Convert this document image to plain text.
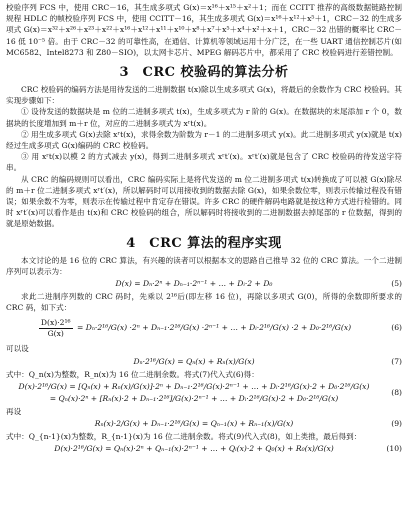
校验序列 FCS 中，使用 CRC－16，其生成多项式 G(x)＝x¹⁶＋x¹⁵＋x²＋1；而在 CCITT 推荐的高级数据链路控制规程 HDLC 的帧校验序列 FCS 中，使用 CCITT－16，其生成多项式 G(x)＝x¹⁶＋x¹²＋x⁵＋1，CRC－32 的生成多项式 G(x)＝x³²＋x²⁶＋x²³＋x²²＋x¹⁶＋x¹²＋x¹¹＋x¹⁰＋x⁸＋x⁷＋x⁵＋x⁴＋x²＋x＋1，CRC－32 出错的概率比 CRC－16 低 10⁻⁵ 倍。由于 CRC－32 的可靠性高，在通信、计算机等领域运用十分广泛，在一些 UART 通信控制芯片(如 MC6582、Intel8273 和 Z80－SIO)，以太网卡芯片、MPEG 解码芯片中，都采用了 CRC 校验码进行差错控制。

3　CRC 校验码的算法分析

CRC 校验码的编码方法是用待发送的二进制数据 t(x)除以生成多项式 G(x)，将最后的余数作为 CRC 校验码。其实现步骤如下：

① 设待发送的数据块是 m 位的二进制多项式 t(x)，生成多项式为 r 阶的 G(x)。在数据块的末尾添加 r 个 0，数据块的长度增加到 m＋r 位，对应的二进制多项式为 xʳt(x)。

② 用生成多项式 G(x)去除 xʳt(x)，求得余数为阶数为 r－1 的二进制多项式 y(x)。此二进制多项式 y(x)就是 t(x)经过生成多项式 G(x)编码的 CRC 校验码。

③ 用 xʳt(x)以模 2 的方式减去 y(x)，得到二进制多项式 xʳt′(x)。xʳt′(x)就是包含了 CRC 校验码的待发送字符串。

从 CRC 的编码规则可以看出，CRC 编码实际上是将代发送的 m 位二进制多项式 t(x)转换成了可以被 G(x)除尽的 m＋r 位二进制多项式 xʳt′(x)，所以解码时可以用接收到的数据去除 G(x)，如果余数位零，则表示传输过程没有错误；如果余数不为零，则表示在传输过程中肯定存在错误。许多 CRC 的硬件解码电路就是按这种方式进行检错的。同时 xʳt′(x)可以看作是由 t(x)和 CRC 校验码的组合，所以解码时将接收到的二进制数据去掉尾部的 r 位数据，得到的就是原始数据。

4　CRC 算法的程序实现

本文讨论的是 16 位的 CRC 算法，有兴趣的读者可以根据本文的思路自己推导 32 位的 CRC 算法。一个二进制序列可以表示为：

D(x) = Dₙ·2ⁿ + Dₙ₋₁·2ⁿ⁻¹ + … + Dᵢ·2 + D₀	(5)

求此二进制序列数的 CRC 码时，先乘以 2¹⁶后(即左移 16 位)，再除以多项式 G(0)，所得的余数即所要求的 CRC 码，如下式：

$\frac{\text{D(x)·2¹⁶}}{G(x)} = D_n\cdot 2^{16}/G(x) \cdot 2^n + D_{n-1}\cdot 2^{16}/G(x) \cdot 2^{n-1}$ + … + Dᵢ·2¹⁶/G(x) ·2 + D₀·2¹⁶/G(x)	(6)

可以设

Dₙ·2¹⁶/G(x) = Qₙ(x) + Rₙ(x)/G(x)	(7)

式中：Q_n(x)为整数，R_n(x)为 16 位二进制余数。将式(7)代入式(6)得：

D(x)·2¹⁶/G(x) = [Qₙ(x) + Rₙ(x)/G(x)]·2ⁿ + Dₙ₋₁·2¹⁶/G(x)·2ⁿ⁻¹ + … + Dᵢ·2¹⁶/G(x)·2 + D₀·2¹⁶/G(x)
= Qₙ(x)·2ⁿ + [Rₙ(x)·2 + Dₙ₋₁·2¹⁶]/G(x)·2ⁿ⁻¹ + … + Dᵢ·2¹⁶/G(x)·2 + D₀·2¹⁶/G(x)
(8)

再设

Rₙ(x)·2/G(x) + Dₙ₋₁·2¹⁶/G(x) = Qₙ₋₁(x) + Rₙ₋₁(x)/G(x)	(9)

式中：Q_{n-1}(x)为整数，R_{n-1}(x)为 16 位二进制余数。将式(9)代入式(8)，如上类推，最后得到：

D(x)·2¹⁶/G(x) = Qₙ(x)·2ⁿ + Qₙ₋₁(x)·2ⁿ⁻¹ + … + Qᵢ(x)·2 + Q₀(x) + R₀(x)/G(x)	(10)
